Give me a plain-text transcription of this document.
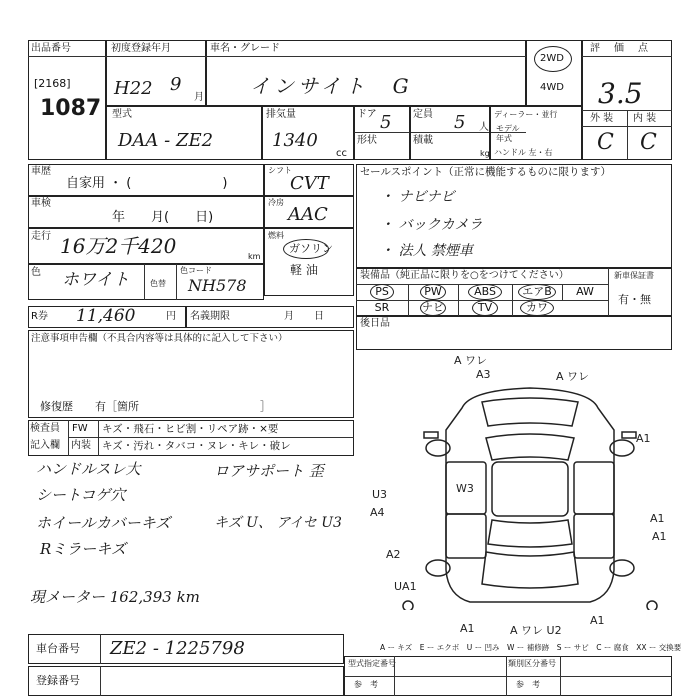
出品番号
[2168]
1087
初度登録年月
H22 9
月
車名・グレード
インサイト　G
2WD
4WD
評　価　点
3.5
外 装 内 装
C C
型式
DAA - ZE2
排気量
1340
cc
ドア 5
形状
定員 5 人
積載
kg
ディーラー・並行
モデル年式
ハンドル 左・右
車歴
自家用 ・ (　　　　　　　)
シフト
CVT
車検
年　　月(　　日)
冷房
AAC
走行 16万2千420	km
燃料
ガソリン
軽 油
色 ホワイト	色替
色コード
NH578
R券 11,460	円 名義期限	月　　日
注意事項申告欄（不具合内容等は具体的に記入して下さい）
修復歴　　有［箇所　　　　　　　　　　　］
検査員
記入欄
FW キズ・飛石・ヒビ割・リペア跡・×要
内装 キズ・汚れ・タバコ・ヌレ・キレ・破レ
ハンドルスレ大
シートコゲ穴
ホイールカバーキズ
Rミラーキズ
現メーター 162,393 km
ロアサポート 歪
キズ U、 アイセ U3
セールスポイント（正常に機能するものに限ります）
・ ナビナビ
・ バックカメラ
・ 法人 禁煙車
装備品（純正品に限りを○をつけてください）	新車保証書
有・無
PS	PW	ABS	エアB	AW
SR	ナビ	TV	カワ
後日品
A ワレ
A3	A ワレ
A1
A1
A1
U3
A4
W3
A2
UA1
A1	A ワレ U2
A1
A ー キズ　E ー エクボ　U ー 凹み　W ー 補修跡　S ー サビ　C ー 腐食　XX ー 交換要
車台番号 ZE2 - 1225798
登録番号
型式指定番号
参　考
類別区分番号
参　考
